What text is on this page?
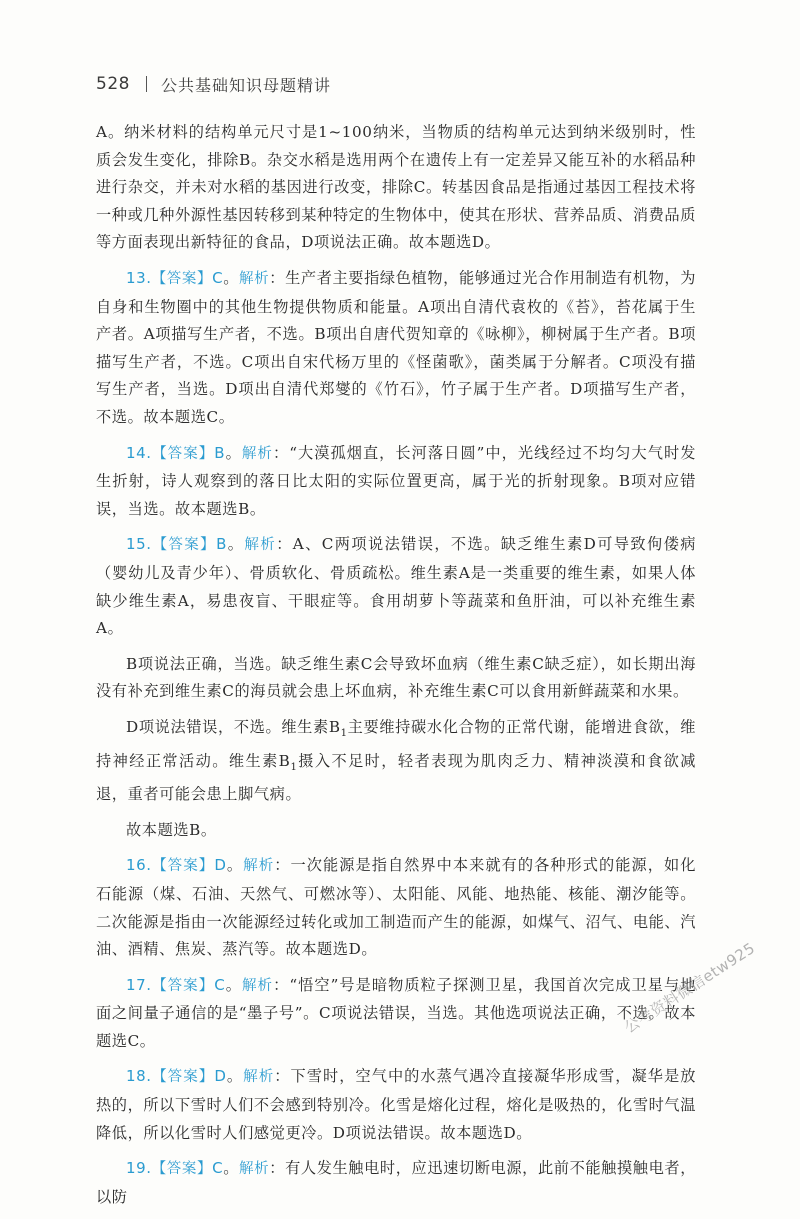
528 公共基础知识母题精讲

A。纳米材料的结构单元尺寸是1~100纳米，当物质的结构单元达到纳米级别时，性质会发生变化，排除B。杂交水稻是选用两个在遗传上有一定差异又能互补的水稻品种进行杂交，并未对水稻的基因进行改变，排除C。转基因食品是指通过基因工程技术将一种或几种外源性基因转移到某种特定的生物体中，使其在形状、营养品质、消费品质等方面表现出新特征的食品，D项说法正确。故本题选D。

13.【答案】C。解析：生产者主要指绿色植物，能够通过光合作用制造有机物，为自身和生物圈中的其他生物提供物质和能量。A项出自清代袁枚的《苔》，苔花属于生产者。A项描写生产者，不选。B项出自唐代贺知章的《咏柳》，柳树属于生产者。B项描写生产者，不选。C项出自宋代杨万里的《怪菌歌》，菌类属于分解者。C项没有描写生产者，当选。D项出自清代郑燮的《竹石》，竹子属于生产者。D项描写生产者，不选。故本题选C。

14.【答案】B。解析：“大漠孤烟直，长河落日圆”中，光线经过不均匀大气时发生折射，诗人观察到的落日比太阳的实际位置更高，属于光的折射现象。B项对应错误，当选。故本题选B。

15.【答案】B。解析：A、C两项说法错误，不选。缺乏维生素D可导致佝偻病（婴幼儿及青少年）、骨质软化、骨质疏松。维生素A是一类重要的维生素，如果人体缺少维生素A，易患夜盲、干眼症等。食用胡萝卜等蔬菜和鱼肝油，可以补充维生素A。

B项说法正确，当选。缺乏维生素C会导致坏血病（维生素C缺乏症），如长期出海没有补充到维生素C的海员就会患上坏血病，补充维生素C可以食用新鲜蔬菜和水果。

D项说法错误，不选。维生素$B_1$主要维持碳水化合物的正常代谢，能增进食欲，维持神经正常活动。维生素$B_1$摄入不足时，轻者表现为肌肉乏力、精神淡漠和食欲减退，重者可能会患上脚气病。

故本题选B。

16.【答案】D。解析：一次能源是指自然界中本来就有的各种形式的能源，如化石能源（煤、石油、天然气、可燃冰等）、太阳能、风能、地热能、核能、潮汐能等。二次能源是指由一次能源经过转化或加工制造而产生的能源，如煤气、沼气、电能、汽油、酒精、焦炭、蒸汽等。故本题选D。

17.【答案】C。解析：“悟空”号是暗物质粒子探测卫星，我国首次完成卫星与地面之间量子通信的是“墨子号”。C项说法错误，当选。其他选项说法正确，不选。故本题选C。

18.【答案】D。解析：下雪时，空气中的水蒸气遇冷直接凝华形成雪，凝华是放热的，所以下雪时人们不会感到特别冷。化雪是熔化过程，熔化是吸热的，化雪时气温降低，所以化雪时人们感觉更冷。D项说法错误。故本题选D。

19.【答案】C。解析：有人发生触电时，应迅速切断电源，此前不能触摸触电者，以防

公考资料微信etw925
